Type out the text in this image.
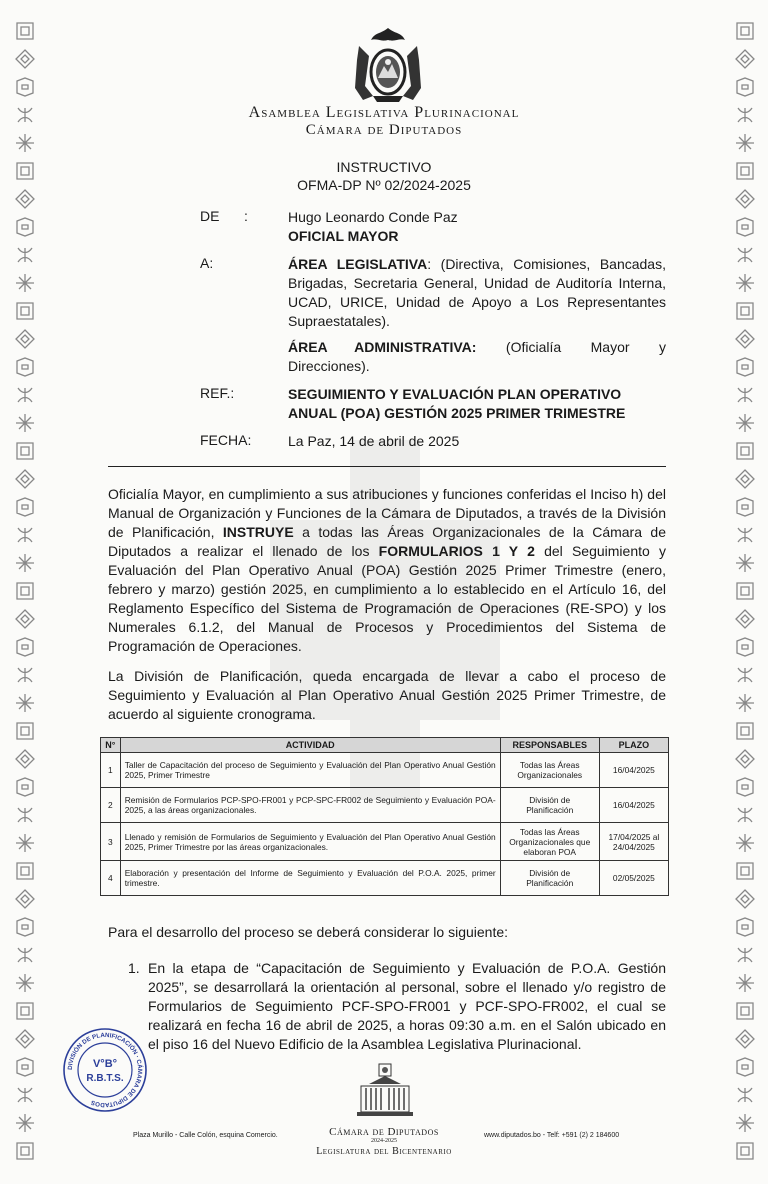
Asamblea Legislativa Plurinacional
Cámara de Diputados
INSTRUCTIVO
OFMA-DP Nº 02/2024-2025
DE :	Hugo Leonardo Conde Paz
OFICIAL MAYOR
A:	ÁREA LEGISLATIVA: (Directiva, Comisiones, Bancadas, Brigadas, Secretaria General, Unidad de Auditoría Interna, UCAD, URICE, Unidad de Apoyo a Los Representantes Supraestatales).
ÁREA ADMINISTRATIVA: (Oficialía Mayor y Direcciones).
REF.:	SEGUIMIENTO Y EVALUACIÓN PLAN OPERATIVO ANUAL (POA) GESTIÓN 2025 PRIMER TRIMESTRE
FECHA:	La Paz, 14 de abril de 2025
Oficialía Mayor, en cumplimiento a sus atribuciones y funciones conferidas el Inciso h) del Manual de Organización y Funciones de la Cámara de Diputados, a través de la División de Planificación, INSTRUYE a todas las Áreas Organizacionales de la Cámara de Diputados a realizar el llenado de los FORMULARIOS 1 Y 2 del Seguimiento y Evaluación del Plan Operativo Anual (POA) Gestión 2025 Primer Trimestre (enero, febrero y marzo) gestión 2025, en cumplimiento a lo establecido en el Artículo 16, del Reglamento Específico del Sistema de Programación de Operaciones (RE-SPO) y los Numerales 6.1.2, del Manual de Procesos y Procedimientos del Sistema de Programación de Operaciones.
La División de Planificación, queda encargada de llevar a cabo el proceso de Seguimiento y Evaluación al Plan Operativo Anual Gestión 2025 Primer Trimestre, de acuerdo al siguiente cronograma.
N°	ACTIVIDAD	RESPONSABLES	PLAZO
1	Taller de Capacitación del proceso de Seguimiento y Evaluación del Plan Operativo Anual Gestión 2025, Primer Trimestre	Todas las Áreas Organizacionales	16/04/2025
2	Remisión de Formularios PCP-SPO-FR001 y PCP-SPC-FR002 de Seguimiento y Evaluación POA-2025, a las áreas organizacionales.	División de Planificación	16/04/2025
3	Llenado y remisión de Formularios de Seguimiento y Evaluación del Plan Operativo Anual Gestión 2025, Primer Trimestre por las áreas organizacionales.	Todas las Áreas Organizacionales que elaboran POA	17/04/2025 al 24/04/2025
4	Elaboración y presentación del Informe de Seguimiento y Evaluación del P.O.A. 2025, primer trimestre.	División de Planificación	02/05/2025
Para el desarrollo del proceso se deberá considerar lo siguiente:
1. En la etapa de “Capacitación de Seguimiento y Evaluación de P.O.A. Gestión 2025”, se desarrollará la orientación al personal, sobre el llenado y/o registro de Formularios de Seguimiento PCF-SPO-FR001 y PCF-SPO-FR002, el cual se realizará en fecha 16 de abril de 2025, a horas 09:30 a.m. en el Salón ubicado en el piso 16 del Nuevo Edificio de la Asamblea Legislativa Plurinacional.
DIVISIÓN DE PLANIFICACIÓN · CÁMARA DE DIPUTADOS
V°B°
R.B.T.S.
Plaza Murillo - Calle Colón, esquina Comercio.	Cámara de Diputados
2024-2025
Legislatura del Bicentenario
www.diputados.bo - Telf: +591 (2) 2 184600
